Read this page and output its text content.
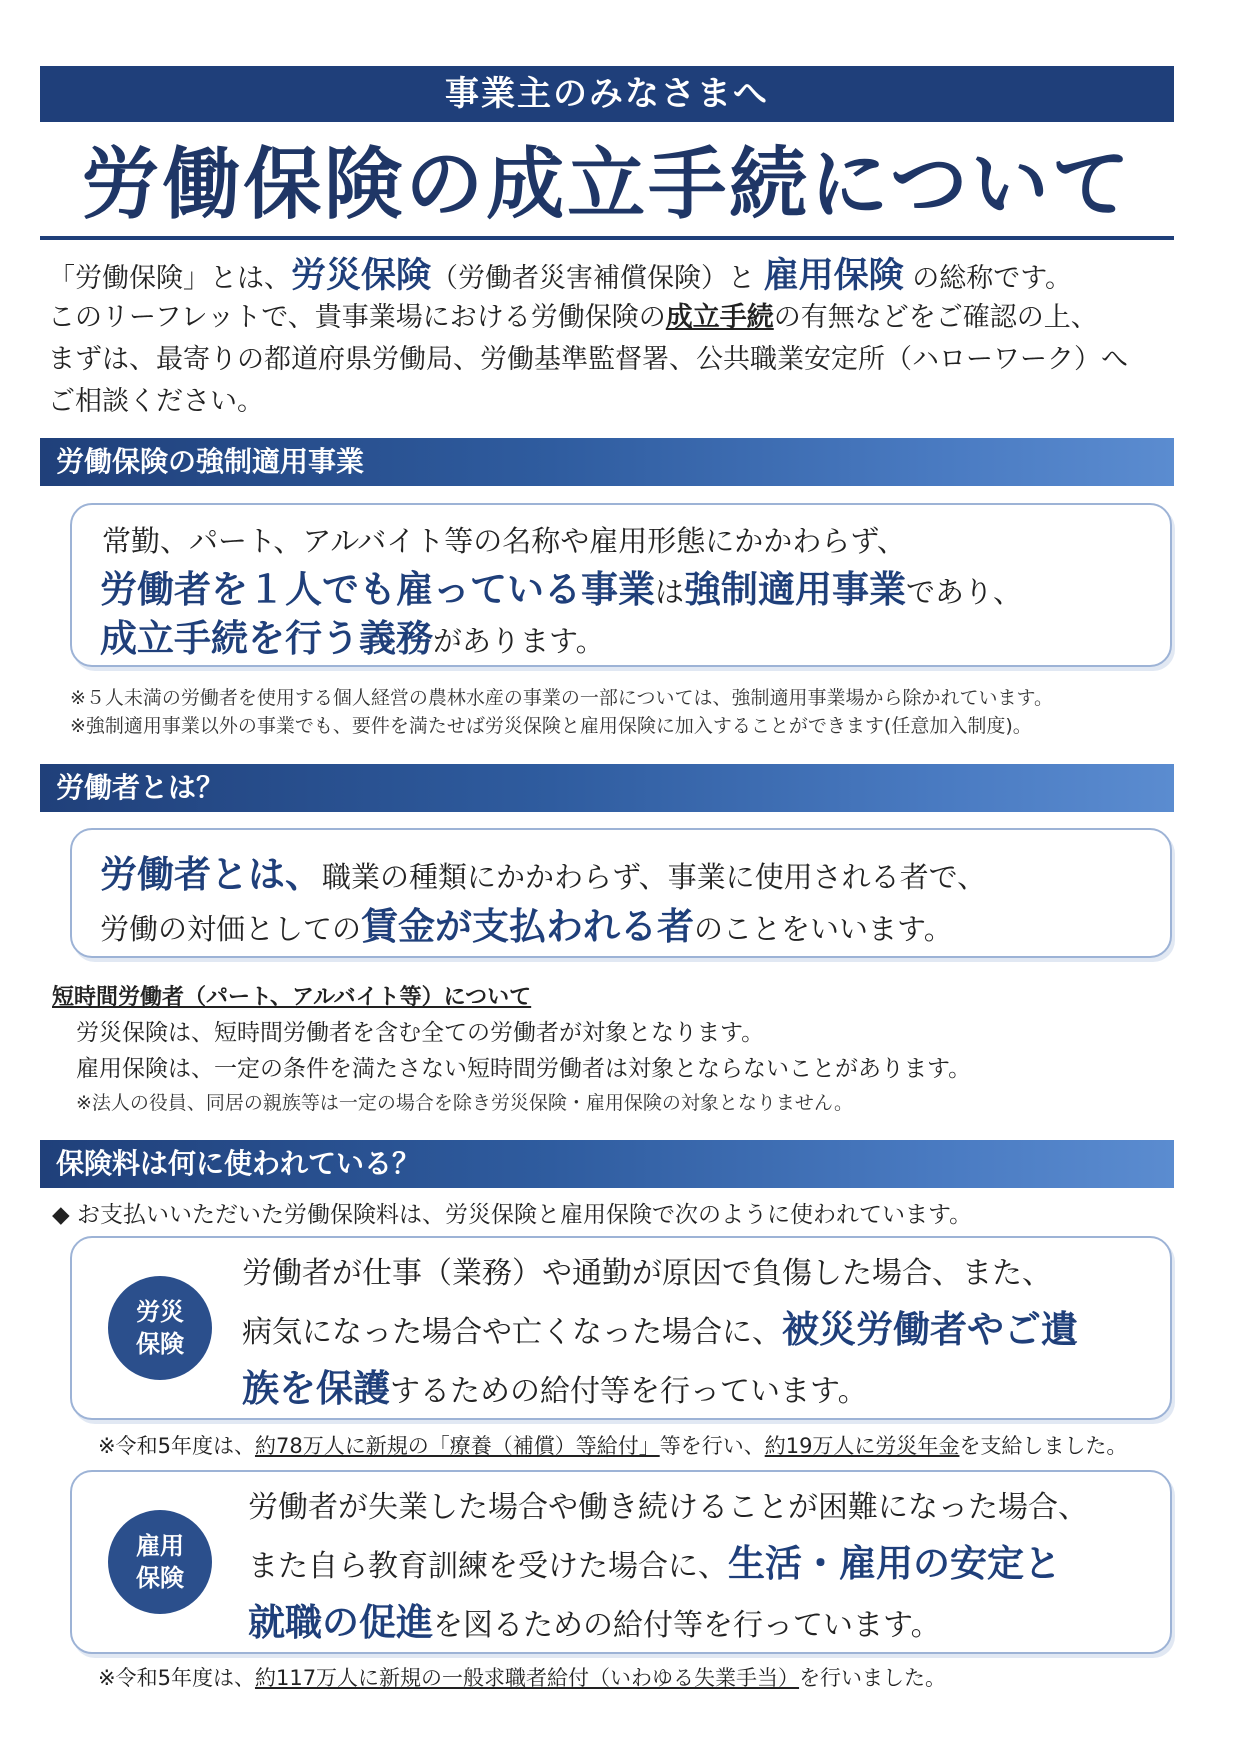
事業主のみなさまへ
労働保険の成立手続について
「労働保険」とは、労災保険（労働者災害補償保険）と 雇用保険 の総称です。
このリーフレットで、貴事業場における労働保険の成立手続の有無などをご確認の上、
まずは、最寄りの都道府県労働局、労働基準監督署、公共職業安定所（ハローワーク）へ
ご相談ください。
労働保険の強制適用事業
常勤、パート、アルバイト等の名称や雇用形態にかかわらず、
労働者を１人でも雇っている事業は強制適用事業であり、
成立手続を行う義務があります。
※５人未満の労働者を使用する個人経営の農林水産の事業の一部については、強制適用事業場から除かれています。
※強制適用事業以外の事業でも、要件を満たせば労災保険と雇用保険に加入することができます(任意加入制度)。
労働者とは？
労働者とは、職業の種類にかかわらず、事業に使用される者で、
労働の対価としての賃金が支払われる者のことをいいます。
短時間労働者（パート、アルバイト等）について
労災保険は、短時間労働者を含む全ての労働者が対象となります。
雇用保険は、一定の条件を満たさない短時間労働者は対象とならないことがあります。
※法人の役員、同居の親族等は一定の場合を除き労災保険・雇用保険の対象となりません。
保険料は何に使われている？
◆ お支払いいただいた労働保険料は、労災保険と雇用保険で次のように使われています。
労災
保険
労働者が仕事（業務）や通勤が原因で負傷した場合、また、
病気になった場合や亡くなった場合に、被災労働者やご遺
族を保護するための給付等を行っています。
※令和5年度は、約78万人に新規の「療養（補償）等給付」等を行い、約19万人に労災年金を支給しました。
雇用
保険
労働者が失業した場合や働き続けることが困難になった場合、
また自ら教育訓練を受けた場合に、生活・雇用の安定と
就職の促進を図るための給付等を行っています。
※令和5年度は、約117万人に新規の一般求職者給付（いわゆる失業手当）を行いました。
